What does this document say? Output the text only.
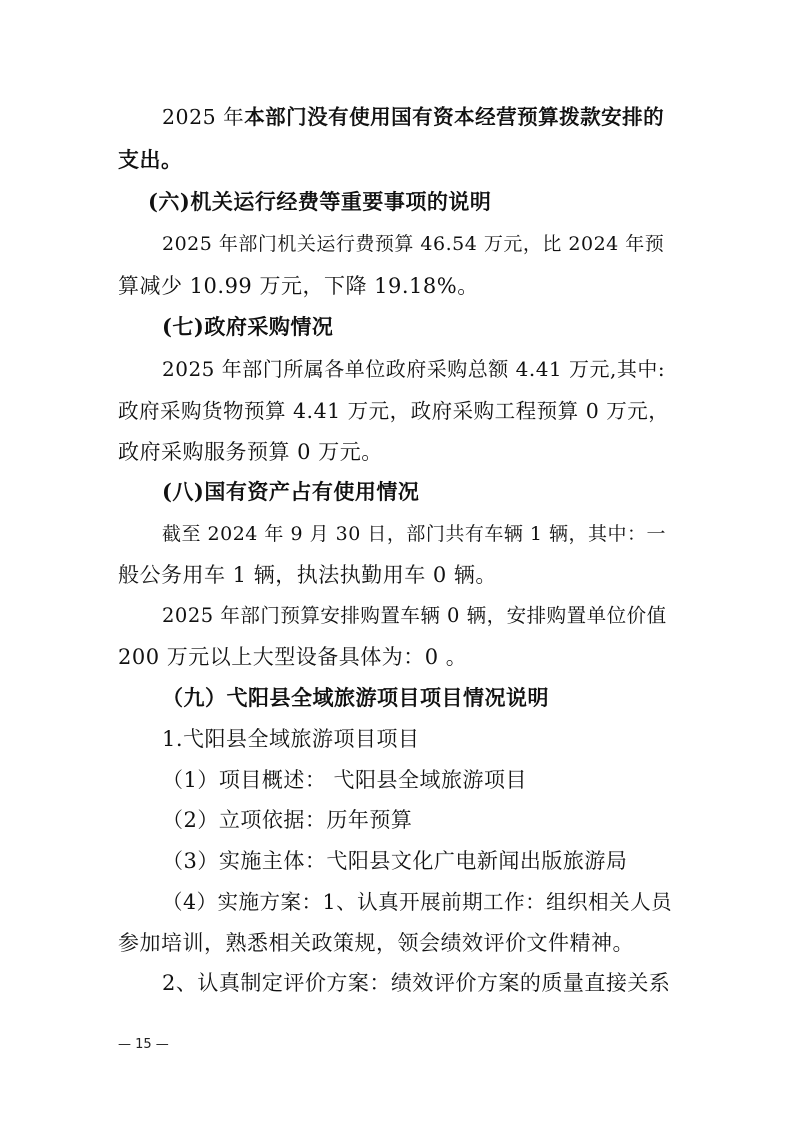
2025 年本部门没有使用国有资本经营预算拨款安排的
支出。
(六)机关运行经费等重要事项的说明
2025 年部门机关运行费预算 46.54 万元，比 2024 年预
算减少 10.99 万元，下降 19.18%。
(七)政府采购情况
2025 年部门所属各单位政府采购总额 4.41 万元,其中:
政府采购货物预算 4.41 万元，政府采购工程预算 0 万元，
政府采购服务预算 0 万元。
(八)国有资产占有使用情况
截至 2024 年 9 月 30 日，部门共有车辆 1 辆，其中：一
般公务用车 1 辆，执法执勤用车 0 辆。
2025 年部门预算安排购置车辆 0 辆，安排购置单位价值
200 万元以上大型设备具体为：0 。
（九）弋阳县全域旅游项目项目情况说明
1.弋阳县全域旅游项目项目
（1）项目概述： 弋阳县全域旅游项目
（2）立项依据：历年预算
（3）实施主体：弋阳县文化广电新闻出版旅游局
（4）实施方案：1、认真开展前期工作：组织相关人员
参加培训，熟悉相关政策规，领会绩效评价文件精神。
2、认真制定评价方案：绩效评价方案的质量直接关系
— 15 —
